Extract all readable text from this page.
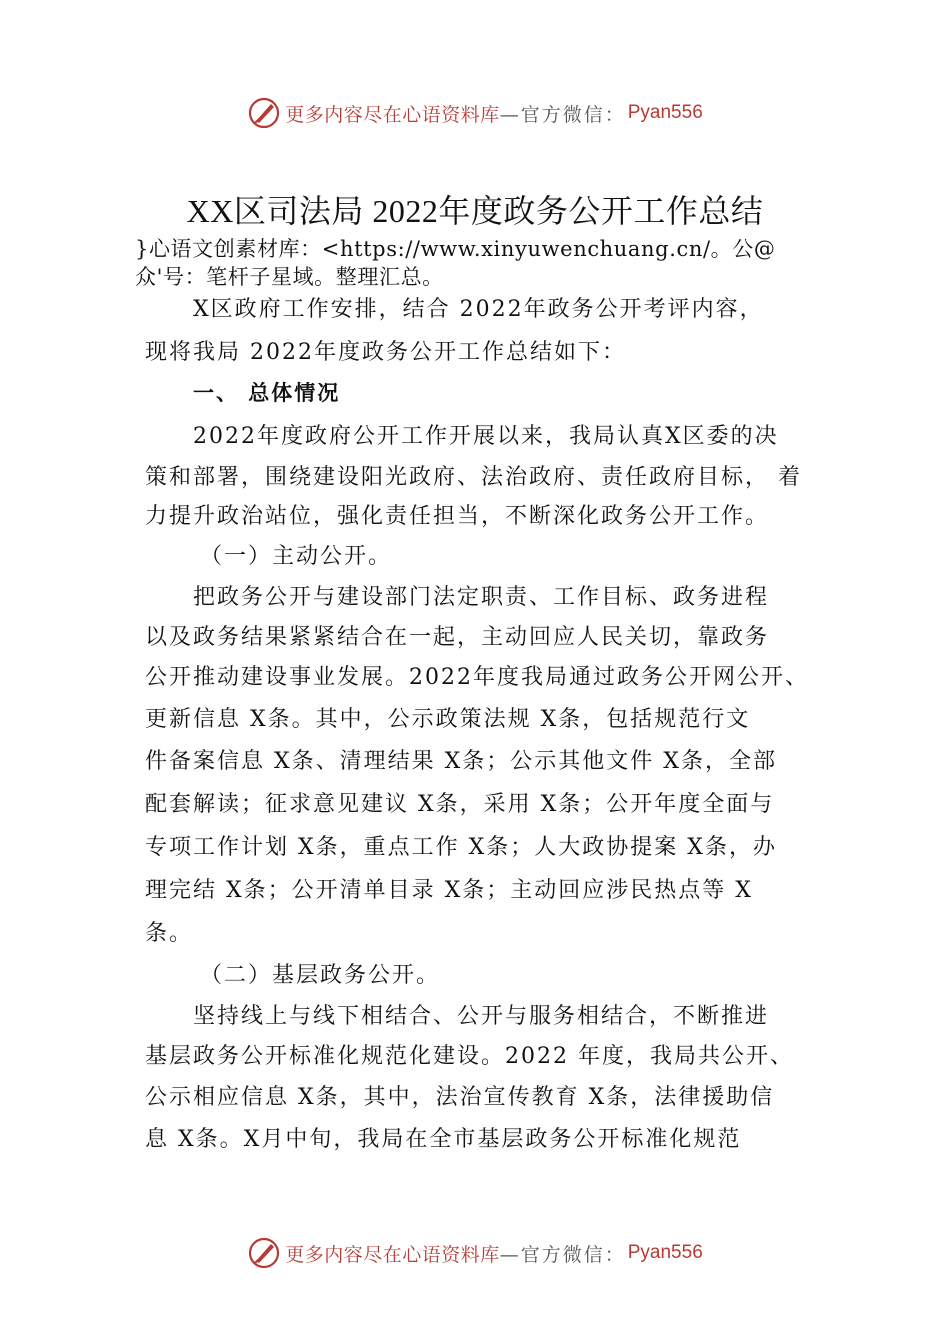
更多内容尽在心语资料库 —官方微信： Pyan556
XX区司法局 2022年度政务公开工作总结
}心语文创素材库：<https://www.xinyuwenchuang.cn/。公@
众'号：笔杆子星域。整理汇总。
X区政府工作安排，结合 2022年政务公开考评内容，
现将我局 2022年度政务公开工作总结如下：
一、 总体情况
2022年度政府公开工作开展以来，我局认真X区委的决
策和部署，围绕建设阳光政府、法治政府、责任政府目标， 着
力提升政治站位，强化责任担当，不断深化政务公开工作。
（一）主动公开。
把政务公开与建设部门法定职责、工作目标、政务进程
以及政务结果紧紧结合在一起，主动回应人民关切，靠政务
公开推动建设事业发展。2022年度我局通过政务公开网公开、
更新信息 X条。其中，公示政策法规 X条，包括规范行文
件备案信息 X条、清理结果 X条；公示其他文件 X条，全部
配套解读；征求意见建议 X条，采用 X条；公开年度全面与
专项工作计划 X条，重点工作 X条；人大政协提案 X条，办
理完结 X条；公开清单目录 X条；主动回应涉民热点等 X
条。
（二）基层政务公开。
坚持线上与线下相结合、公开与服务相结合，不断推进
基层政务公开标准化规范化建设。2022 年度，我局共公开、
公示相应信息 X条，其中，法治宣传教育 X条，法律援助信
息 X条。X月中旬，我局在全市基层政务公开标准化规范
更多内容尽在心语资料库 —官方微信： Pyan556
